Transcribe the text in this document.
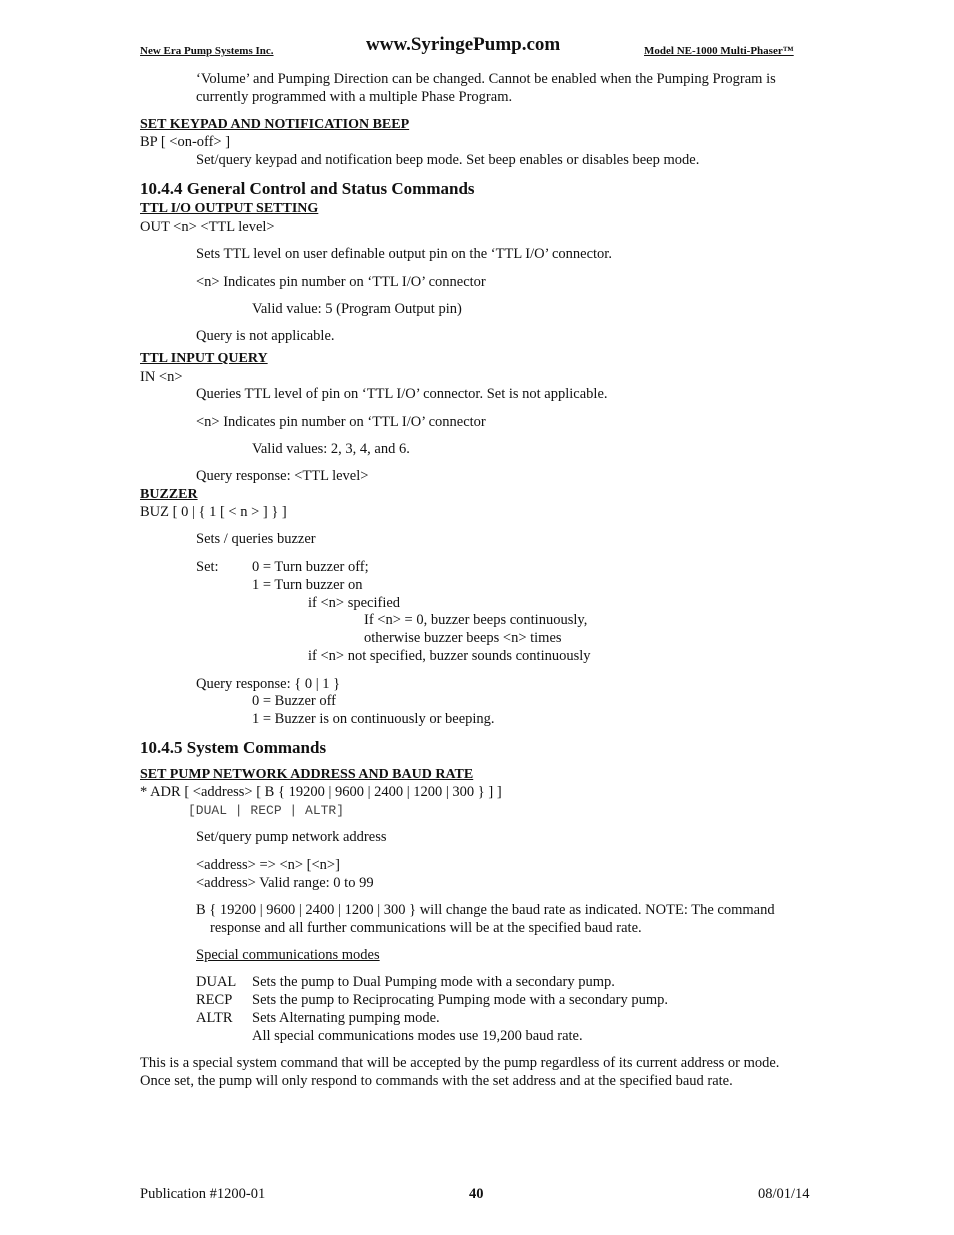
New Era Pump Systems Inc.	www.SyringePump.com	Model NE-1000 Multi-Phaser™
‘Volume’ and Pumping Direction can be changed. Cannot be enabled when the Pumping Program is
currently programmed with a multiple Phase Program.
SET KEYPAD AND NOTIFICATION BEEP
BP [ <on-off> ]
Set/query keypad and notification beep mode. Set beep enables or disables beep mode.
10.4.4 General Control and Status Commands
TTL I/O OUTPUT SETTING
OUT <n> <TTL level>
Sets TTL level on user definable output pin on the ‘TTL I/O’ connector.
<n> Indicates pin number on ‘TTL I/O’ connector
Valid value: 5 (Program Output pin)
Query is not applicable.
TTL INPUT QUERY
IN <n>
Queries TTL level of pin on ‘TTL I/O’ connector. Set is not applicable.
<n> Indicates pin number on ‘TTL I/O’ connector
Valid values: 2, 3, 4, and 6.
Query response: <TTL level>
BUZZER
BUZ [ 0 | { 1 [ < n > ] } ]
Sets / queries buzzer
Set: 0 = Turn buzzer off;
1 = Turn buzzer on
if <n> specified
If <n> = 0, buzzer beeps continuously,
otherwise buzzer beeps <n> times
if <n> not specified, buzzer sounds continuously
Query response: { 0 | 1 }
0 = Buzzer off
1 = Buzzer is on continuously or beeping.
10.4.5 System Commands
SET PUMP NETWORK ADDRESS AND BAUD RATE
* ADR [ <address> [ B { 19200 | 9600 | 2400 | 1200 | 300 } ] ]
[DUAL | RECP | ALTR]
Set/query pump network address
<address> => <n> [<n>]
<address> Valid range: 0 to 99
B { 19200 | 9600 | 2400 | 1200 | 300 } will change the baud rate as indicated. NOTE: The command
response and all further communications will be at the specified baud rate.
Special communications modes
DUAL Sets the pump to Dual Pumping mode with a secondary pump.
RECP Sets the pump to Reciprocating Pumping mode with a secondary pump.
ALTR Sets Alternating pumping mode.
All special communications modes use 19,200 baud rate.
This is a special system command that will be accepted by the pump regardless of its current address or mode.
Once set, the pump will only respond to commands with the set address and at the specified baud rate.
Publication #1200-01	40	08/01/14
